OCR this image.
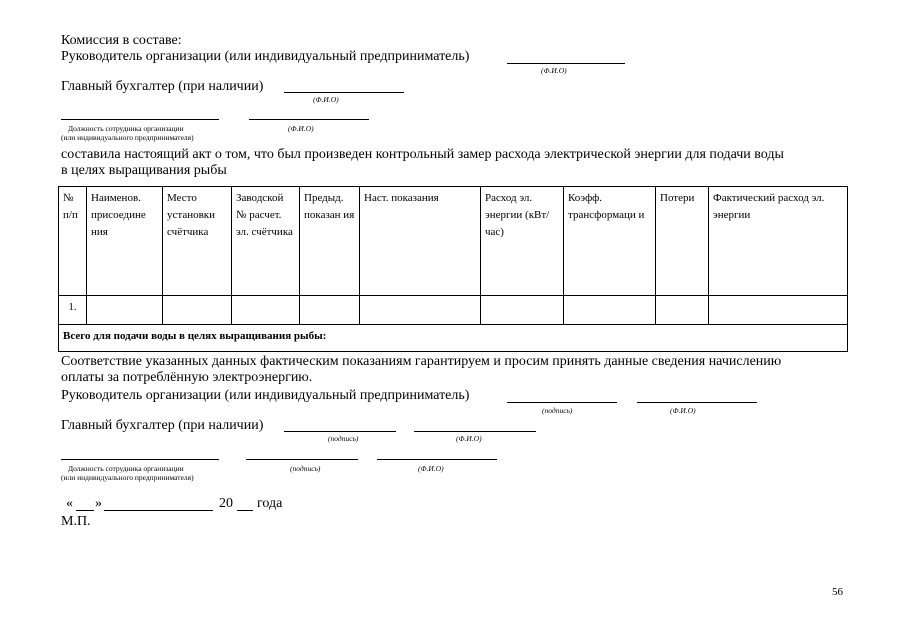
Комиссия в составе:
Руководитель организации (или индивидуальный предприниматель)
(Ф.И.О)
Главный бухгалтер (при наличии)
(Ф.И.О)
Должность сотрудника организации
(или индивидуального предпринимателя)
(Ф.И.О)
составила настоящий акт о том, что был произведен контрольный замер расхода электрической энергии для подачи воды
в целях выращивания рыбы
№ п/п	Наименов. присоедине ния	Место установки счётчика	Заводской № расчет. эл. счётчика	Предыд. показан ия	Наст. показания	Расход эл. энергии (кВт/час)	Коэфф. трансформаци и	Потери	Фактический расход эл. энергии
1.									
Всего для подачи воды в целях выращивания рыбы:									
Соответствие указанных данных фактическим показаниям гарантируем и просим принять данные сведения начислению
оплаты за потреблённую электроэнергию.
Руководитель организации (или индивидуальный предприниматель)
(подпись)	(Ф.И.О)
Главный бухгалтер (при наличии)
(подпись)	(Ф.И.О)
Должность сотрудника организации
(или индивидуального предпринимателя)
(подпись)	(Ф.И.О)
« »	20 года
М.П.
56
